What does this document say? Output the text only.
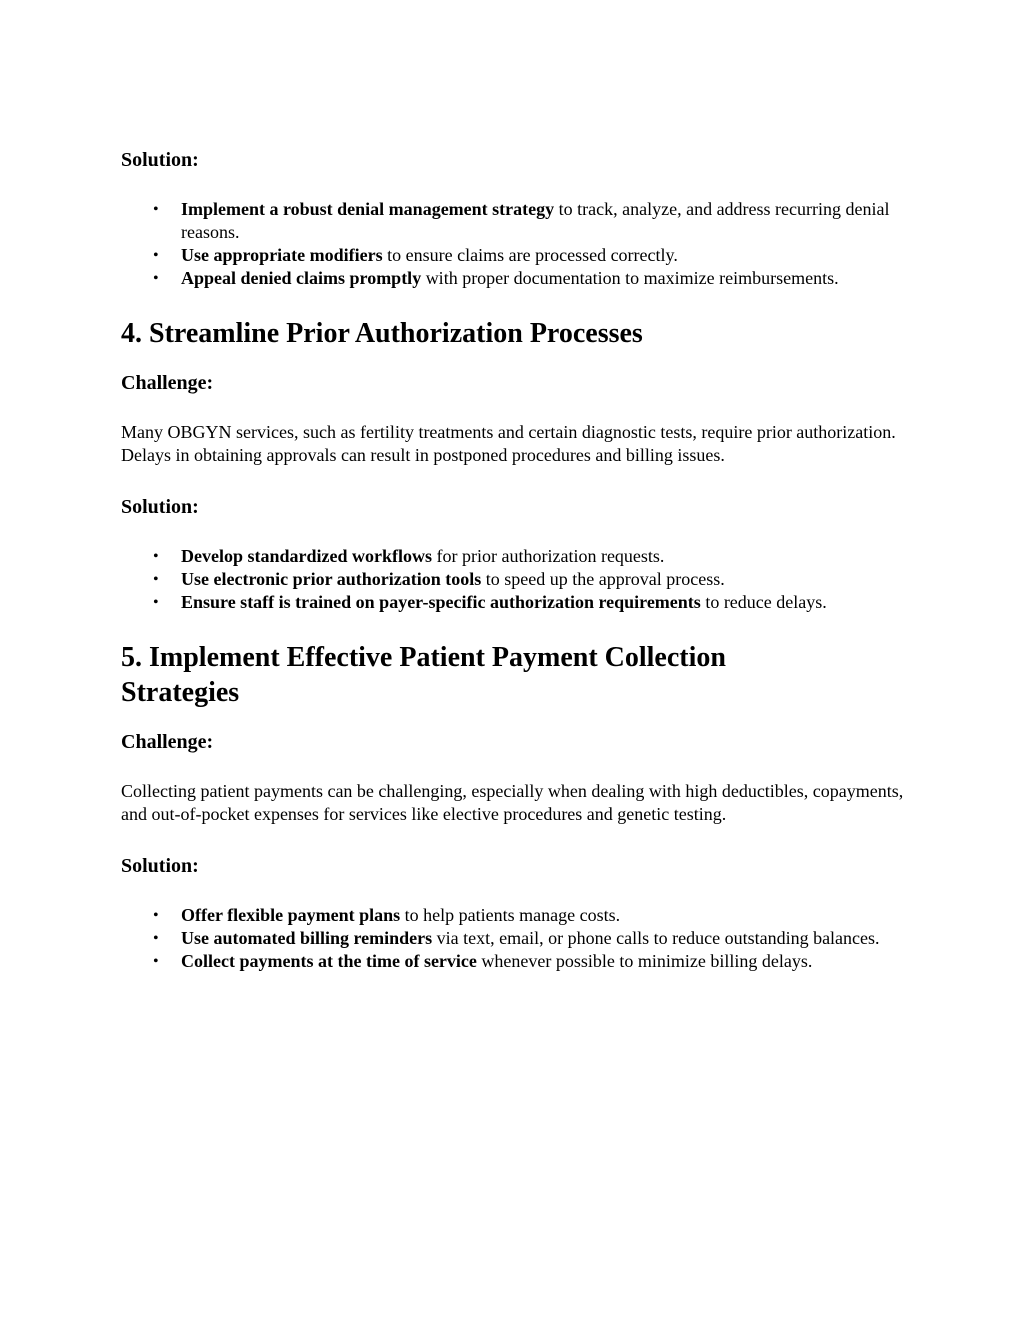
Solution:
• Implement a robust denial management strategy to track, analyze, and address recurring denial reasons.
• Use appropriate modifiers to ensure claims are processed correctly.
• Appeal denied claims promptly with proper documentation to maximize reimbursements.
4. Streamline Prior Authorization Processes
Challenge:

Many OBGYN services, such as fertility treatments and certain diagnostic tests, require prior authorization. Delays in obtaining approvals can result in postponed procedures and billing issues.

Solution:
• Develop standardized workflows for prior authorization requests.
• Use electronic prior authorization tools to speed up the approval process.
• Ensure staff is trained on payer-specific authorization requirements to reduce delays.
5. Implement Effective Patient Payment Collection Strategies
Challenge:

Collecting patient payments can be challenging, especially when dealing with high deductibles, copayments, and out-of-pocket expenses for services like elective procedures and genetic testing.

Solution:
• Offer flexible payment plans to help patients manage costs.
• Use automated billing reminders via text, email, or phone calls to reduce outstanding balances.
• Collect payments at the time of service whenever possible to minimize billing delays.
